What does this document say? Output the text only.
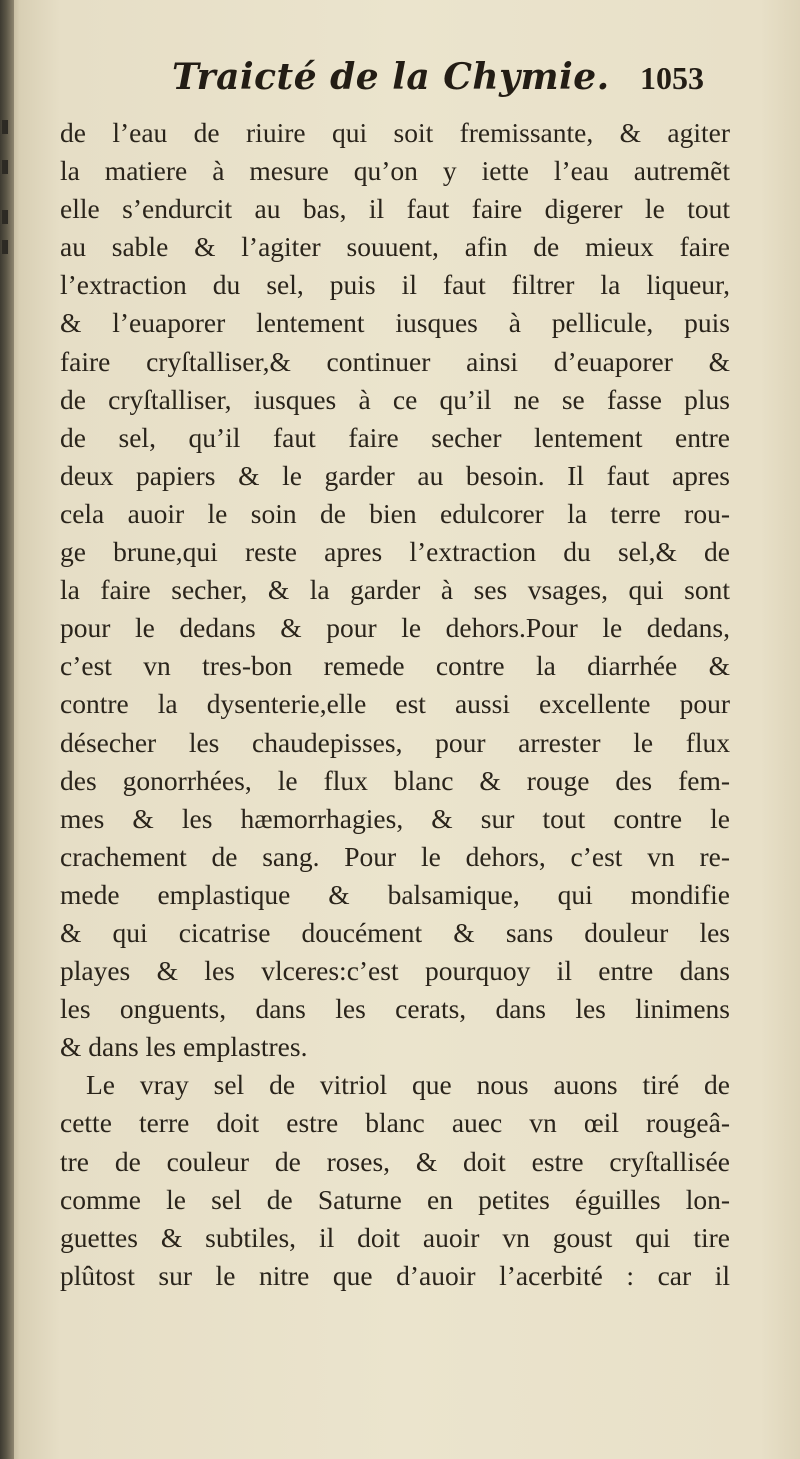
Traicté de la Chymie. 1053
de l’eau de riuire qui soit fremissante, & agiter
la matiere à mesure qu’on y iette l’eau autremẽt
elle s’endurcit au bas, il faut faire digerer le tout
au sable & l’agiter souuent, afin de mieux faire
l’extraction du sel, puis il faut filtrer la liqueur,
& l’euaporer lentement iusques à pellicule, puis
faire cryſtalliser,& continuer ainsi d’euaporer &
de cryſtalliser, iusques à ce qu’il ne se fasse plus
de sel, qu’il faut faire secher lentement entre
deux papiers & le garder au besoin. Il faut apres
cela auoir le soin de bien edulcorer la terre rou-
ge brune,qui reste apres l’extraction du sel,& de
la faire secher, & la garder à ses vsages, qui sont
pour le dedans & pour le dehors.Pour le dedans,
c’est vn tres-bon remede contre la diarrhée &
contre la dysenterie,elle est aussi excellente pour
désecher les chaudepisses, pour arrester le flux
des gonorrhées, le flux blanc & rouge des fem-
mes & les hæmorrhagies, & sur tout contre le
crachement de sang. Pour le dehors, c’est vn re-
mede emplastique & balsamique, qui mondifie
& qui cicatrise doucément & sans douleur les
playes & les vlceres:c’est pourquoy il entre dans
les onguents, dans les cerats, dans les linimens
& dans les emplastres.
Le vray sel de vitriol que nous auons tiré de
cette terre doit estre blanc auec vn œil rougeâ-
tre de couleur de roses, & doit estre cryſtallisée
comme le sel de Saturne en petites éguilles lon-
guettes & subtiles, il doit auoir vn goust qui tire
plûtost sur le nitre que d’auoir l’acerbité : car il
